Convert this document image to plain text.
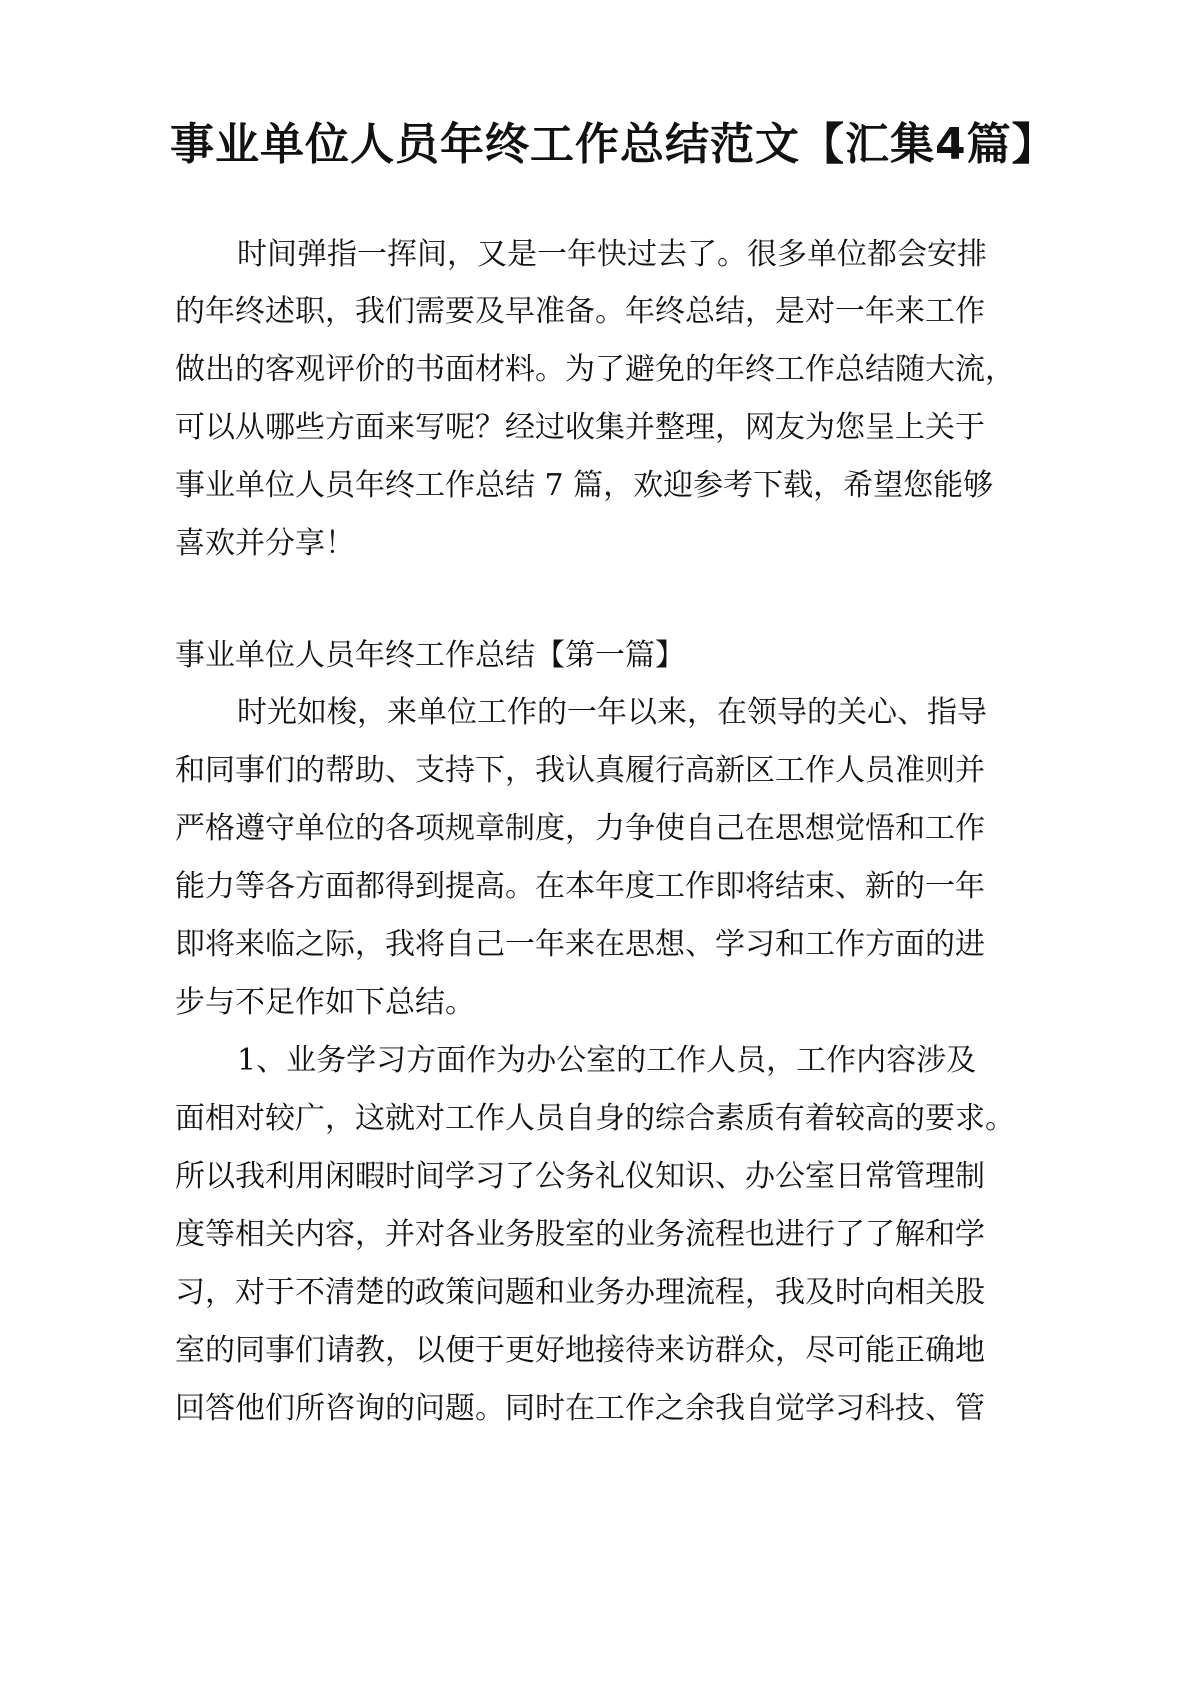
事业单位人员年终工作总结范文【汇集4篇】

时间弹指一挥间，又是一年快过去了。很多单位都会安排

的年终述职，我们需要及早准备。年终总结，是对一年来工作

做出的客观评价的书面材料。为了避免的年终工作总结随大流，

可以从哪些方面来写呢？经过收集并整理，网友为您呈上关于

事业单位人员年终工作总结 7 篇，欢迎参考下载，希望您能够

喜欢并分享！

事业单位人员年终工作总结【第一篇】

时光如梭，来单位工作的一年以来，在领导的关心、指导

和同事们的帮助、支持下，我认真履行高新区工作人员准则并

严格遵守单位的各项规章制度，力争使自己在思想觉悟和工作

能力等各方面都得到提高。在本年度工作即将结束、新的一年

即将来临之际，我将自己一年来在思想、学习和工作方面的进

步与不足作如下总结。

1、业务学习方面作为办公室的工作人员，工作内容涉及

面相对较广，这就对工作人员自身的综合素质有着较高的要求。

所以我利用闲暇时间学习了公务礼仪知识、办公室日常管理制

度等相关内容，并对各业务股室的业务流程也进行了了解和学

习，对于不清楚的政策问题和业务办理流程，我及时向相关股

室的同事们请教，以便于更好地接待来访群众，尽可能正确地

回答他们所咨询的问题。同时在工作之余我自觉学习科技、管
